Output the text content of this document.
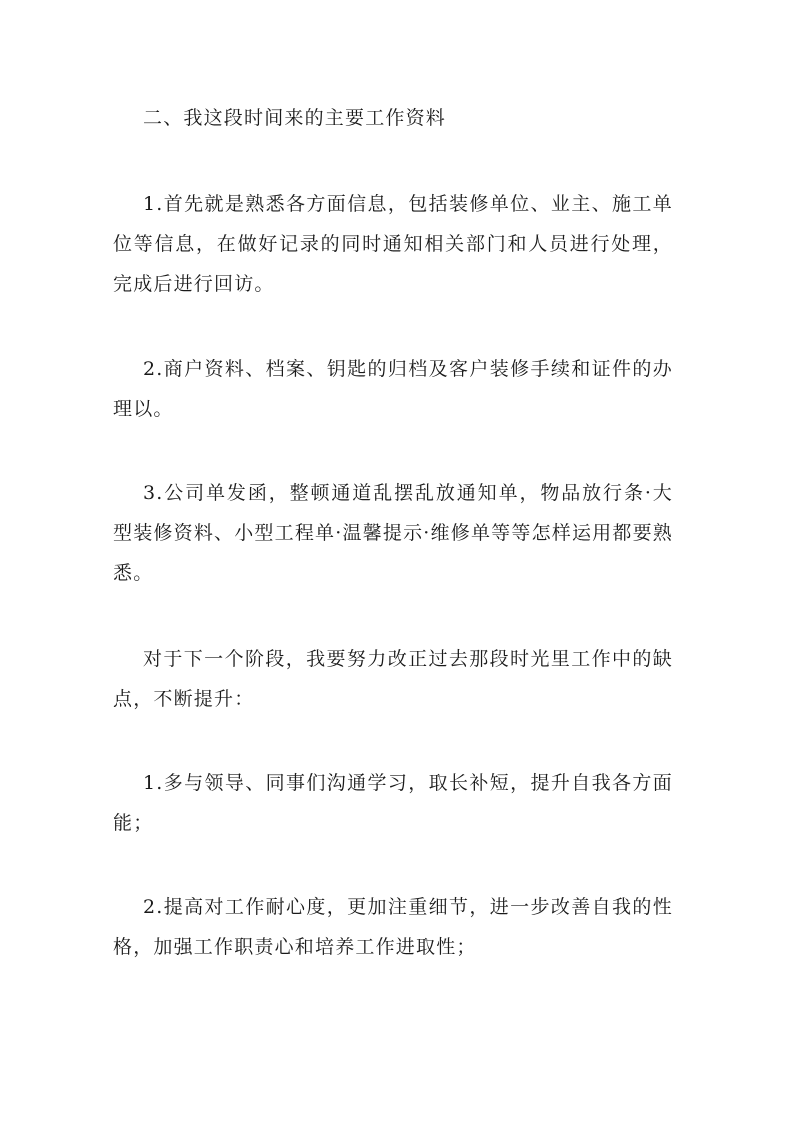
二、我这段时间来的主要工作资料

1.首先就是熟悉各方面信息，包括装修单位、业主、施工单位等信息，在做好记录的同时通知相关部门和人员进行处理，完成后进行回访。

2.商户资料、档案、钥匙的归档及客户装修手续和证件的办理以。

3.公司单发函，整顿通道乱摆乱放通知单，物品放行条·大型装修资料、小型工程单·温馨提示·维修单等等怎样运用都要熟悉。

对于下一个阶段，我要努力改正过去那段时光里工作中的缺点，不断提升：

1.多与领导、同事们沟通学习，取长补短，提升自我各方面能；

2.提高对工作耐心度，更加注重细节，进一步改善自我的性格，加强工作职责心和培养工作进取性；
